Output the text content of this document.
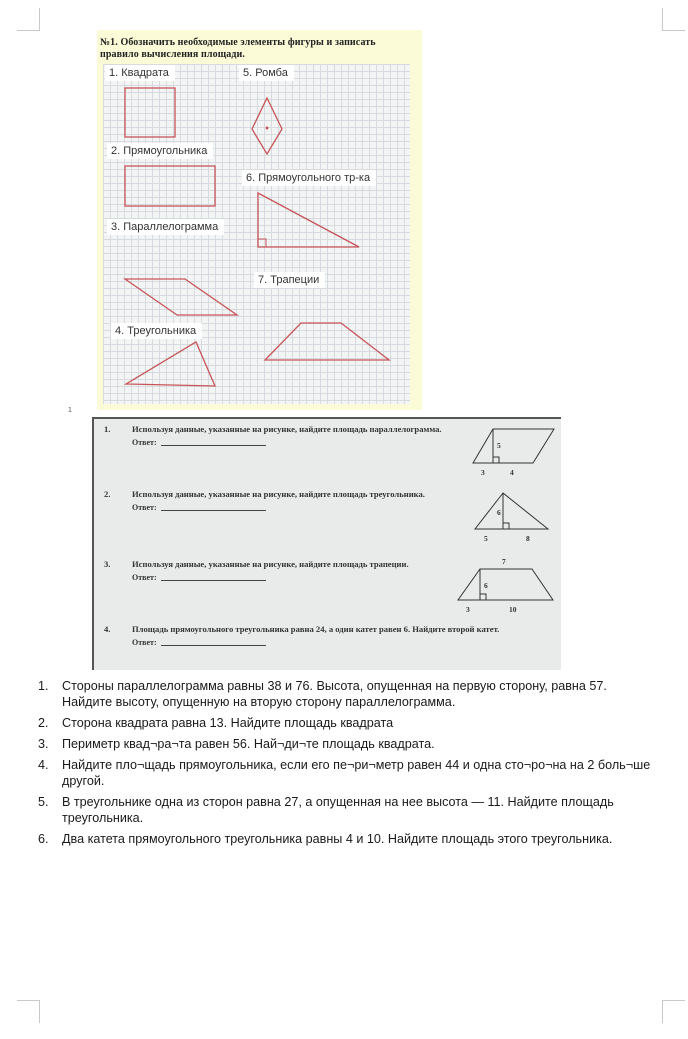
№1. Обозначить необходимые элементы фигуры и записать правило вычисления площади.
1. Квадрата	5. Ромба
2. Прямоугольника
6. Прямоугольного тр-ка
3. Параллелограмма
7. Трапеции
4. Треугольника
1
1.	Используя данные, указанные на рисунке, найдите площадь параллелограмма.
Ответ:	5
3	4
2.	Используя данные, указанные на рисунке, найдите площадь треугольника.
Ответ:
6
5	8
3.	Используя данные, указанные на рисунке, найдите площадь трапеции.
Ответ:
7
6
3	10
4.	Площадь прямоугольного треугольника равна 24, а один катет равен 6. Найдите второй катет.
Ответ:
1. Стороны параллелограмма равны 38 и 76. Высота, опущенная на первую сторону, равна 57. Найдите высоту, опущенную на вторую сторону параллелограмма.
2. Сторона квадрата равна 13. Найдите площадь квадрата
3. Периметр квад¬ра¬та равен 56. Най¬ди¬те площадь квадрата.
4. Найдите пло¬щадь прямоугольника, если его пе¬ри¬метр равен 44 и одна сто¬ро¬на на 2 боль¬ше другой.
5. В треугольнике одна из сторон равна 27, а опущенная на нее высота — 11. Найдите площадь треугольника.
6. Два катета прямоугольного треугольника равны 4 и 10. Найдите площадь этого треугольника.
